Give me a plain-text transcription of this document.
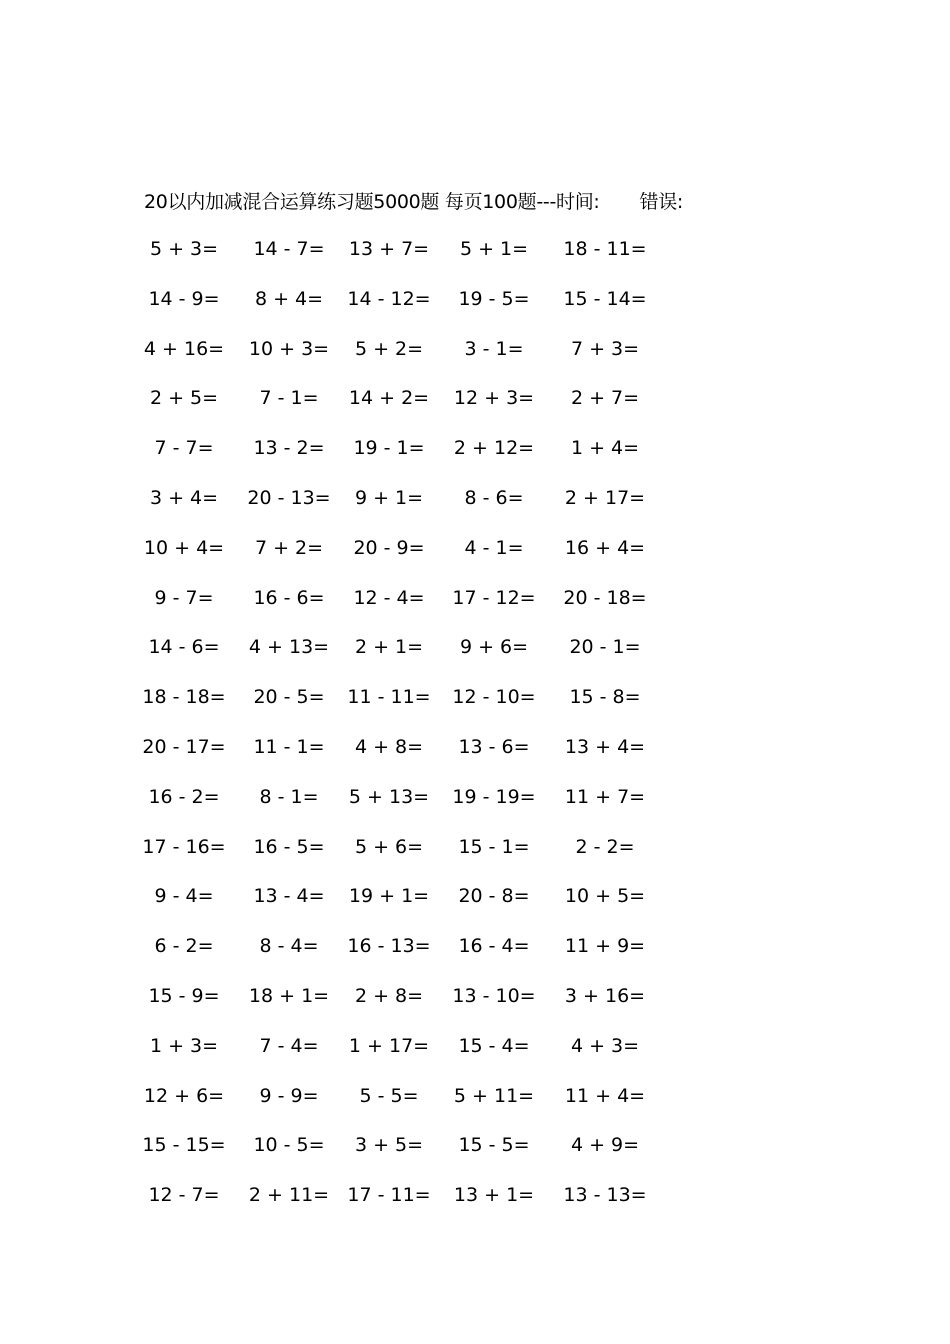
20以内加减混合运算练习题5000题 每页100题---时间: 错误:
5 + 3=	14 - 7=	13 + 7=	5 + 1=	18 - 11=
14 - 9=	8 + 4=	14 - 12=	19 - 5=	15 - 14=
4 + 16=	10 + 3=	5 + 2=	3 - 1=	7 + 3=
2 + 5=	7 - 1=	14 + 2=	12 + 3=	2 + 7=
7 - 7=	13 - 2=	19 - 1=	2 + 12=	1 + 4=
3 + 4=	20 - 13=	9 + 1=	8 - 6=	2 + 17=
10 + 4=	7 + 2=	20 - 9=	4 - 1=	16 + 4=
9 - 7=	16 - 6=	12 - 4=	17 - 12=	20 - 18=
14 - 6=	4 + 13=	2 + 1=	9 + 6=	20 - 1=
18 - 18=	20 - 5=	11 - 11=	12 - 10=	15 - 8=
20 - 17=	11 - 1=	4 + 8=	13 - 6=	13 + 4=
16 - 2=	8 - 1=	5 + 13=	19 - 19=	11 + 7=
17 - 16=	16 - 5=	5 + 6=	15 - 1=	2 - 2=
9 - 4=	13 - 4=	19 + 1=	20 - 8=	10 + 5=
6 - 2=	8 - 4=	16 - 13=	16 - 4=	11 + 9=
15 - 9=	18 + 1=	2 + 8=	13 - 10=	3 + 16=
1 + 3=	7 - 4=	1 + 17=	15 - 4=	4 + 3=
12 + 6=	9 - 9=	5 - 5=	5 + 11=	11 + 4=
15 - 15=	10 - 5=	3 + 5=	15 - 5=	4 + 9=
12 - 7=	2 + 11= 17 - 11=	13 + 1=	13 - 13=
